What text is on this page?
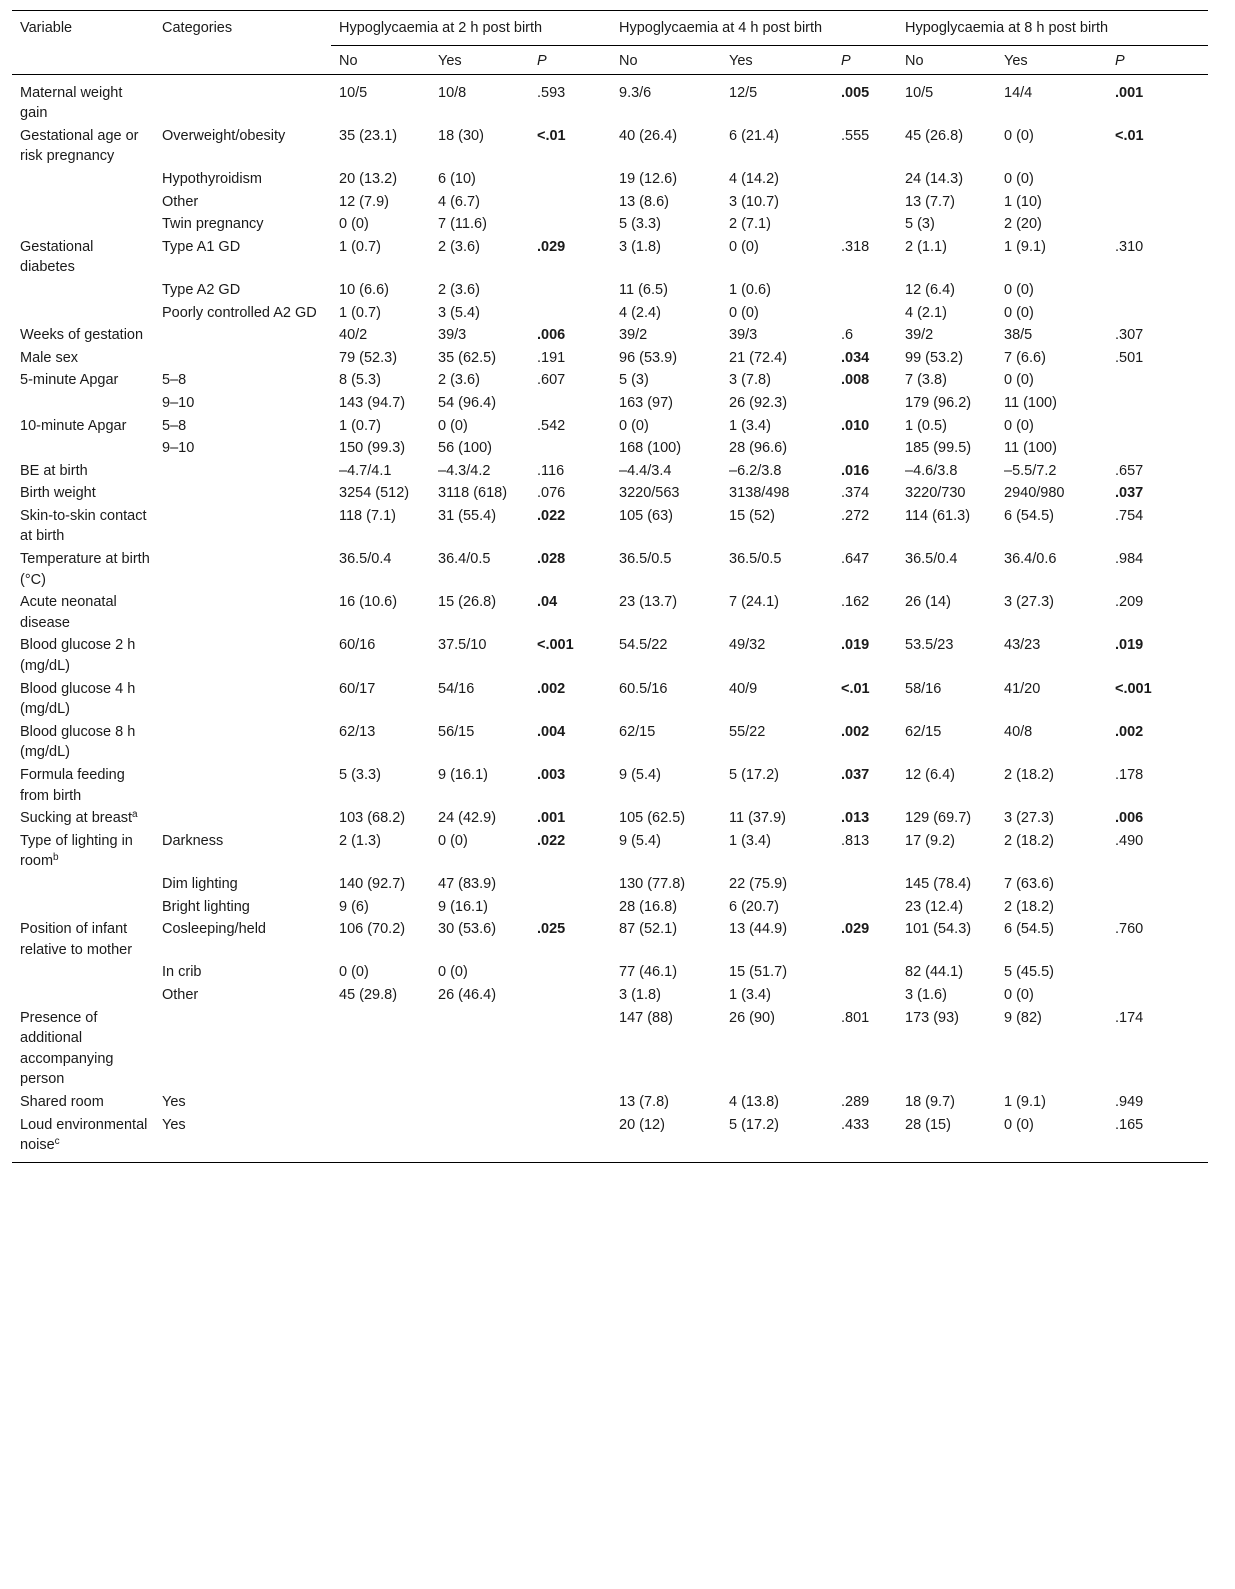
Variable	Categories	Hypoglycaemia at 2 h post birth			Hypoglycaemia at 4 h post birth			Hypoglycaemia at 8 h post birth		
		No	Yes	P	No	Yes	P	No	Yes	P
Maternal weight gain		10/5	10/8	.593	9.3/6	12/5	.005	10/5	14/4	.001
Gestational age or risk pregnancy	Overweight/obesity	35 (23.1)	18 (30)	<.01	40 (26.4)	6 (21.4)	.555	45 (26.8)	0 (0)	<.01
	Hypothyroidism	20 (13.2)	6 (10)		19 (12.6)	4 (14.2)		24 (14.3)	0 (0)	
	Other	12 (7.9)	4 (6.7)		13 (8.6)	3 (10.7)		13 (7.7)	1 (10)	
	Twin pregnancy	0 (0)	7 (11.6)		5 (3.3)	2 (7.1)		5 (3)	2 (20)	
Gestational diabetes	Type A1 GD	1 (0.7)	2 (3.6)	.029	3 (1.8)	0 (0)	.318	2 (1.1)	1 (9.1)	.310
	Type A2 GD	10 (6.6)	2 (3.6)		11 (6.5)	1 (0.6)		12 (6.4)	0 (0)	
	Poorly controlled A2 GD	1 (0.7)	3 (5.4)		4 (2.4)	0 (0)		4 (2.1)	0 (0)	
Weeks of gestation		40/2	39/3	.006	39/2	39/3	.6	39/2	38/5	.307
Male sex		79 (52.3)	35 (62.5)	.191	96 (53.9)	21 (72.4)	.034	99 (53.2)	7 (6.6)	.501
5-minute Apgar	5–8	8 (5.3)	2 (3.6)	.607	5 (3)	3 (7.8)	.008	7 (3.8)	0 (0)	
	9–10	143 (94.7)	54 (96.4)		163 (97)	26 (92.3)		179 (96.2)	11 (100)	
10-minute Apgar	5–8	1 (0.7)	0 (0)	.542	0 (0)	1 (3.4)	.010	1 (0.5)	0 (0)	
	9–10	150 (99.3)	56 (100)		168 (100)	28 (96.6)		185 (99.5)	11 (100)	
BE at birth		–4.7/4.1	–4.3/4.2	.116	–4.4/3.4	–6.2/3.8	.016	–4.6/3.8	–5.5/7.2	.657
Birth weight		3254 (512)	3118 (618)	.076	3220/563	3138/498	.374	3220/730	2940/980	.037
Skin-to-skin contact at birth		118 (7.1)	31 (55.4)	.022	105 (63)	15 (52)	.272	114 (61.3)	6 (54.5)	.754
Temperature at birth (°C)		36.5/0.4	36.4/0.5	.028	36.5/0.5	36.5/0.5	.647	36.5/0.4	36.4/0.6	.984
Acute neonatal disease		16 (10.6)	15 (26.8)	.04	23 (13.7)	7 (24.1)	.162	26 (14)	3 (27.3)	.209
Blood glucose 2 h (mg/dL)		60/16	37.5/10	<.001	54.5/22	49/32	.019	53.5/23	43/23	.019
Blood glucose 4 h (mg/dL)		60/17	54/16	.002	60.5/16	40/9	<.01	58/16	41/20	<.001
Blood glucose 8 h (mg/dL)		62/13	56/15	.004	62/15	55/22	.002	62/15	40/8	.002
Formula feeding from birth		5 (3.3)	9 (16.1)	.003	9 (5.4)	5 (17.2)	.037	12 (6.4)	2 (18.2)	.178
Sucking at breast$^a$		103 (68.2)	24 (42.9)	.001	105 (62.5)	11 (37.9)	.013	129 (69.7)	3 (27.3)	.006
Type of lighting in room$^b$	Darkness	2 (1.3)	0 (0)	.022	9 (5.4)	1 (3.4)	.813	17 (9.2)	2 (18.2)	.490
	Dim lighting	140 (92.7)	47 (83.9)		130 (77.8)	22 (75.9)		145 (78.4)	7 (63.6)	
	Bright lighting	9 (6)	9 (16.1)		28 (16.8)	6 (20.7)		23 (12.4)	2 (18.2)	
Position of infant relative to mother	Cosleeping/held	106 (70.2)	30 (53.6)	.025	87 (52.1)	13 (44.9)	.029	101 (54.3)	6 (54.5)	.760
	In crib	0 (0)	0 (0)		77 (46.1)	15 (51.7)		82 (44.1)	5 (45.5)	
	Other	45 (29.8)	26 (46.4)		3 (1.8)	1 (3.4)		3 (1.6)	0 (0)	
Presence of additional accompanying person					147 (88)	26 (90)	.801	173 (93)	9 (82)	.174
Shared room	Yes				13 (7.8)	4 (13.8)	.289	18 (9.7)	1 (9.1)	.949
Loud environmental noise$^c$	Yes				20 (12)	5 (17.2)	.433	28 (15)	0 (0)	.165
